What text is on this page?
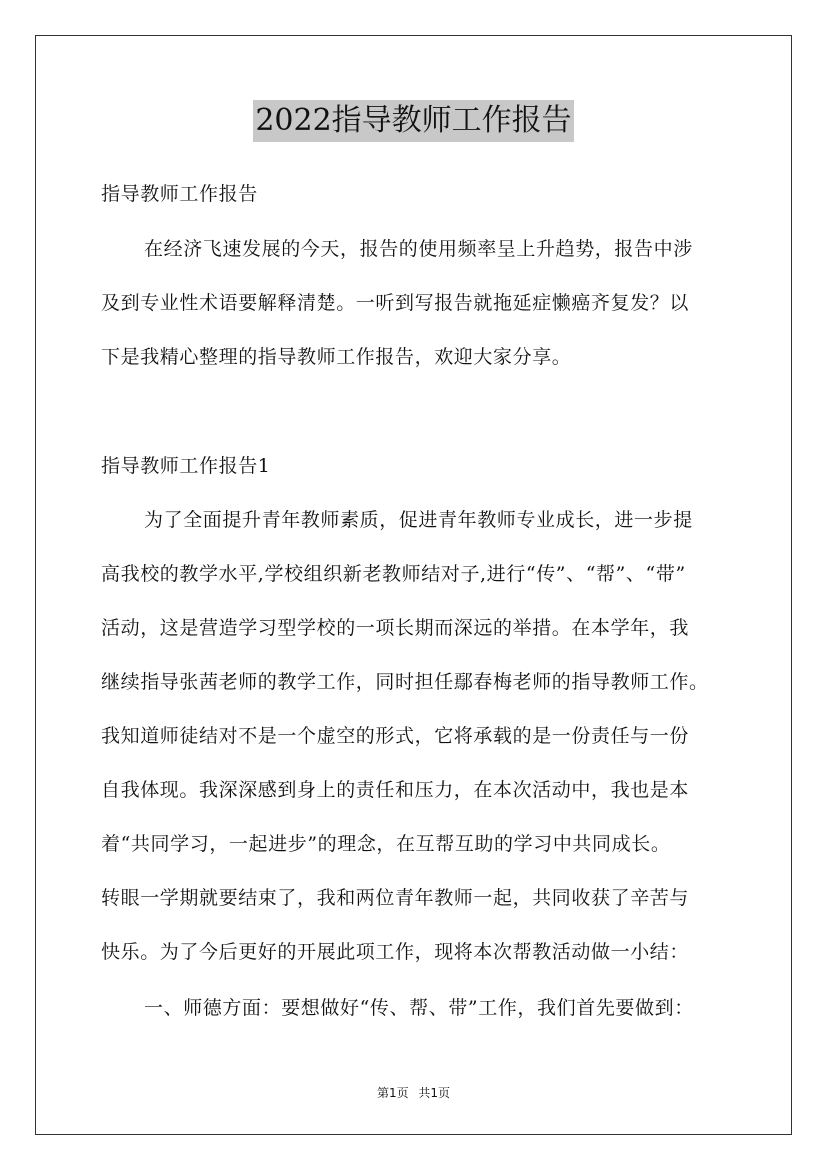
2022指导教师工作报告
指导教师工作报告
在经济飞速发展的今天，报告的使用频率呈上升趋势，报告中涉
及到专业性术语要解释清楚。一听到写报告就拖延症懒癌齐复发？以
下是我精心整理的指导教师工作报告，欢迎大家分享。
指导教师工作报告1
为了全面提升青年教师素质，促进青年教师专业成长，进一步提
高我校的教学水平,学校组织新老教师结对子,进行“传”、“帮”、“带”
活动，这是营造学习型学校的一项长期而深远的举措。在本学年，我
继续指导张茜老师的教学工作，同时担任鄢春梅老师的指导教师工作。
我知道师徒结对不是一个虚空的形式，它将承载的是一份责任与一份
自我体现。我深深感到身上的责任和压力，在本次活动中，我也是本
着“共同学习，一起进步”的理念，在互帮互助的学习中共同成长。
转眼一学期就要结束了，我和两位青年教师一起，共同收获了辛苦与
快乐。为了今后更好的开展此项工作，现将本次帮教活动做一小结：
一、师德方面：要想做好“传、帮、带”工作，我们首先要做到：
第1页 共1页
